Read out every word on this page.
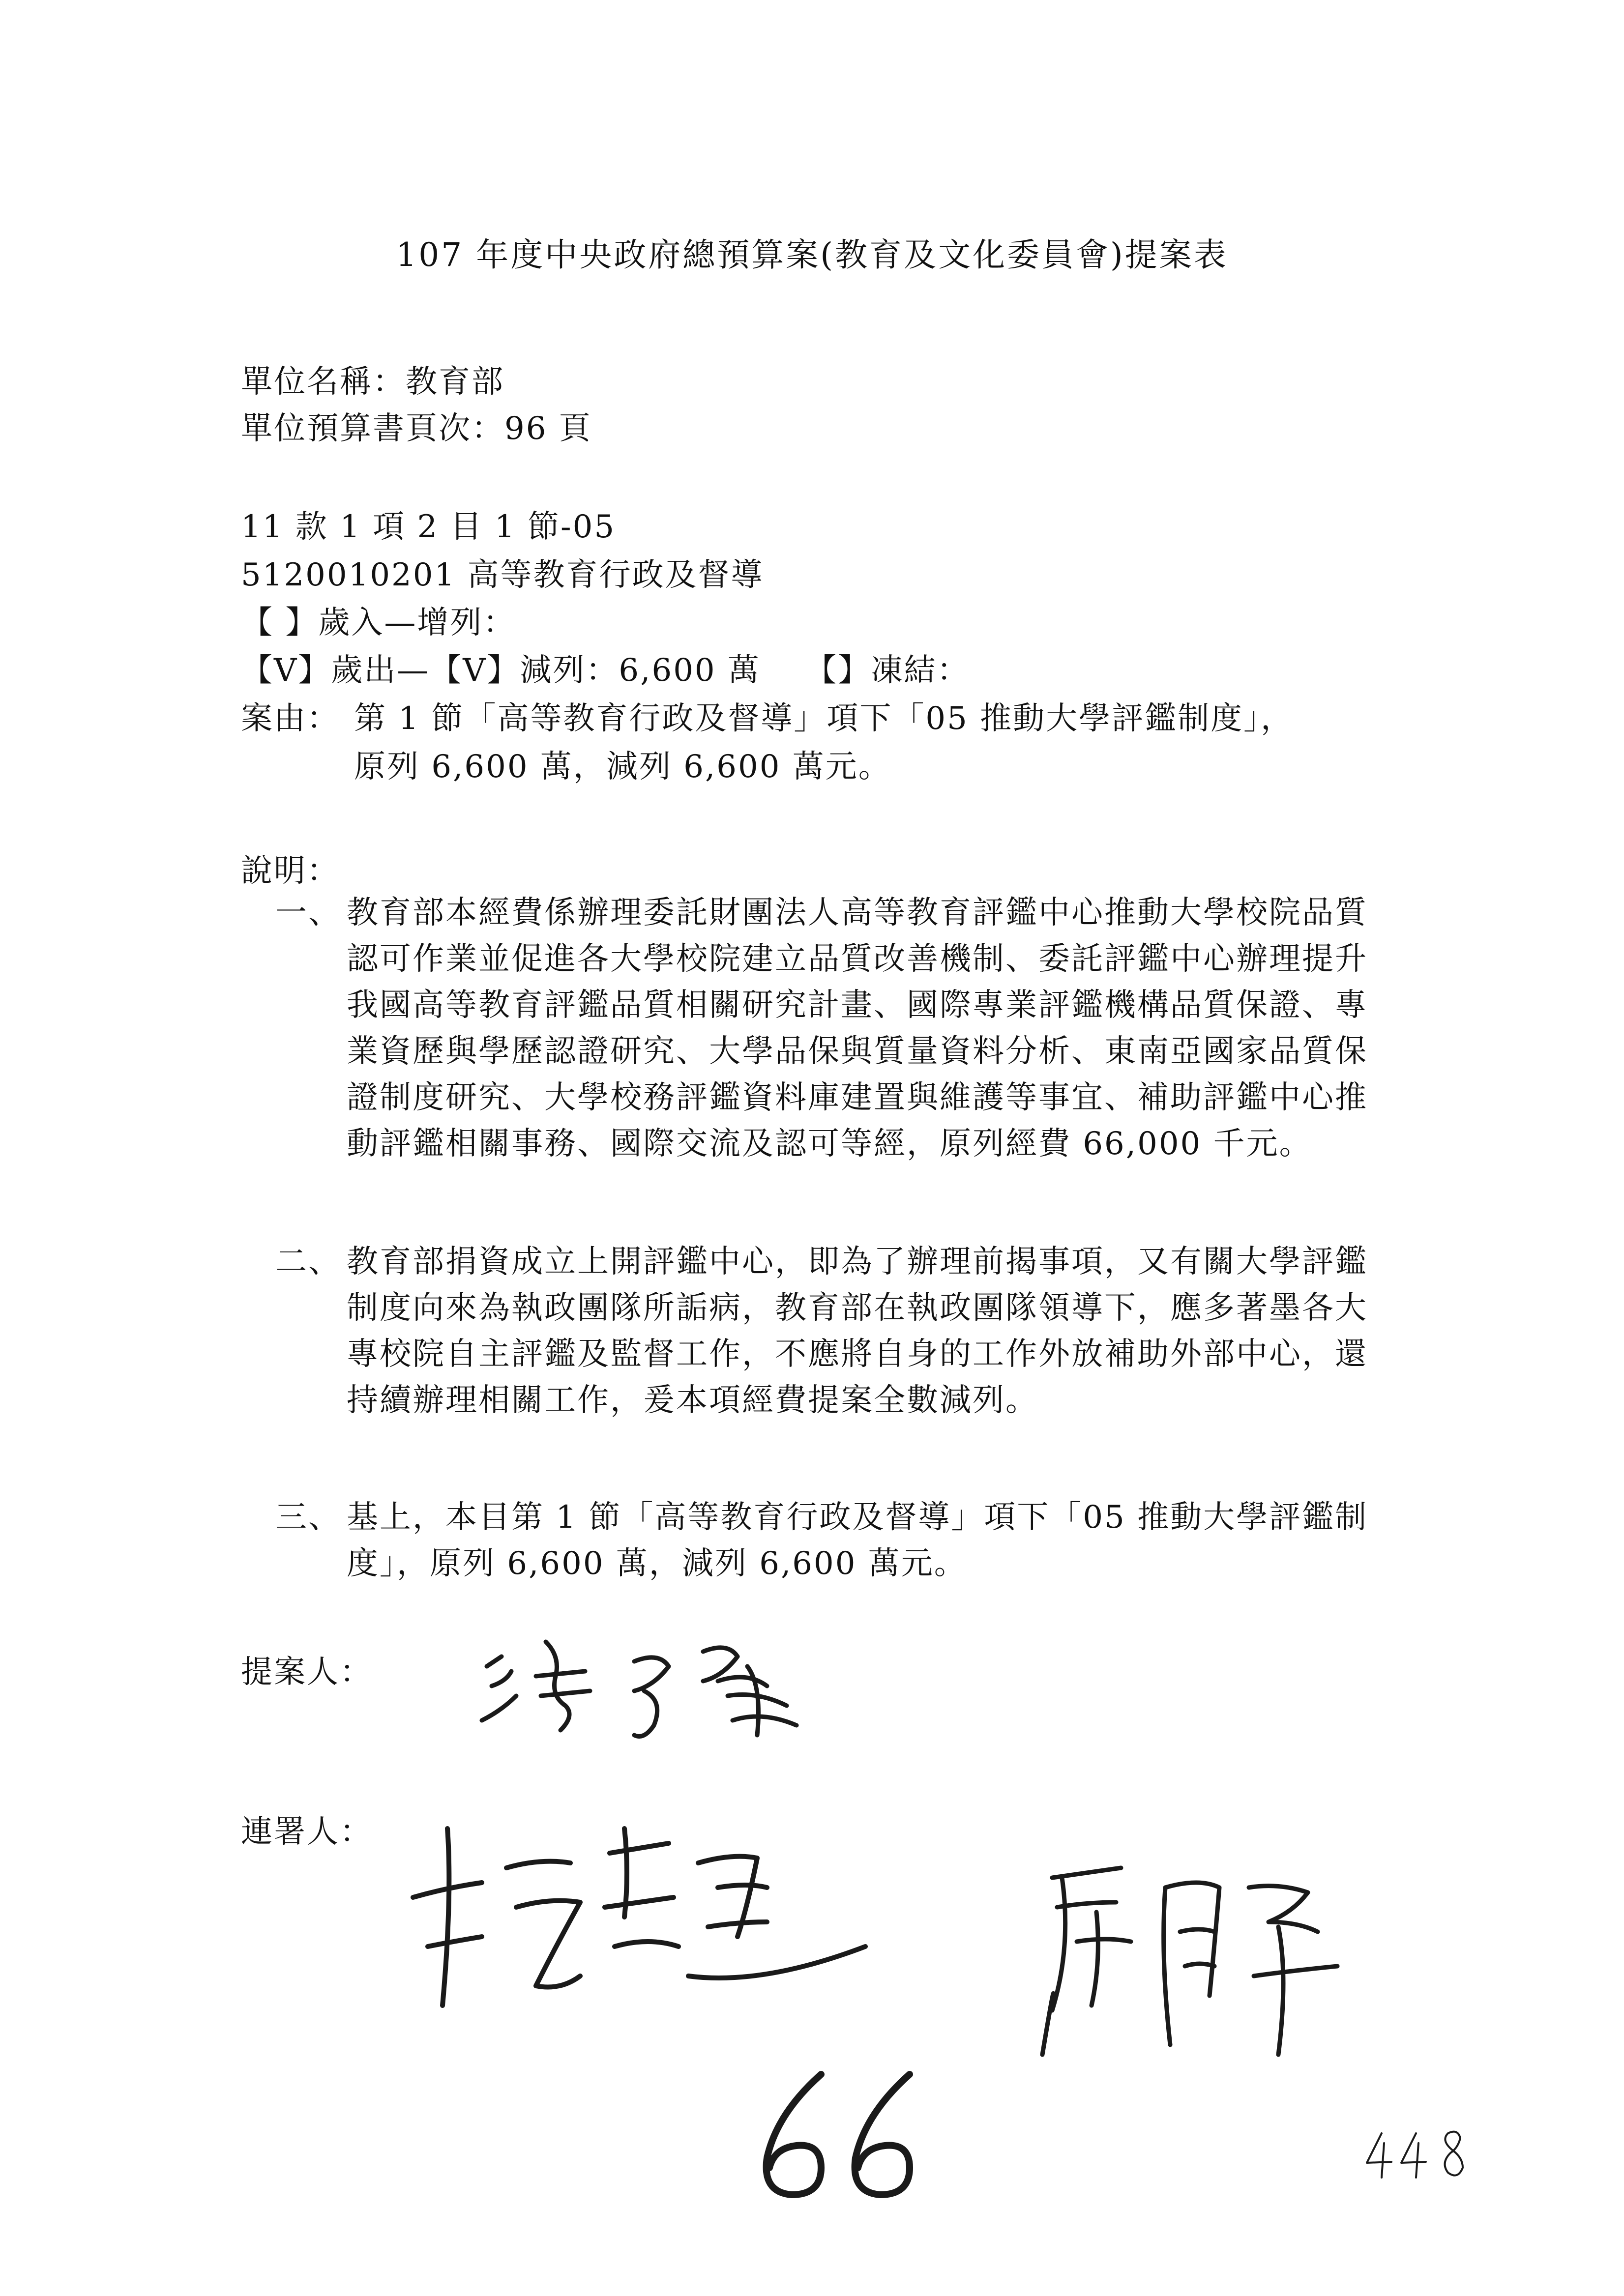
107 年度中央政府總預算案(教育及文化委員會)提案表
單位名稱：教育部
單位預算書頁次：96 頁
11 款 1 項 2 目 1 節-05
5120010201 高等教育行政及督導
【 】歲入—增列：
【V】歲出—【V】減列：6,600 萬　 【】凍結：
案由： 第 1 節「高等教育行政及督導」項下「05 推動大學評鑑制度」，
原列 6,600 萬，減列 6,600 萬元。
說明：
一、 教育部本經費係辦理委託財團法人高等教育評鑑中心推動大學校院品質認可作業並促進各大學校院建立品質改善機制、委託評鑑中心辦理提升我國高等教育評鑑品質相關研究計畫、國際專業評鑑機構品質保證、專業資歷與學歷認證研究、大學品保與質量資料分析、東南亞國家品質保證制度研究、大學校務評鑑資料庫建置與維護等事宜、補助評鑑中心推動評鑑相關事務、國際交流及認可等經，原列經費 66,000 千元。
二、 教育部捐資成立上開評鑑中心，即為了辦理前揭事項，又有關大學評鑑制度向來為執政團隊所詬病，教育部在執政團隊領導下，應多著墨各大專校院自主評鑑及監督工作，不應將自身的工作外放補助外部中心，還持續辦理相關工作，爰本項經費提案全數減列。
三、 基上，本目第 1 節「高等教育行政及督導」項下「05 推動大學評鑑制度」，原列 6,600 萬，減列 6,600 萬元。
提案人：
連署人：
